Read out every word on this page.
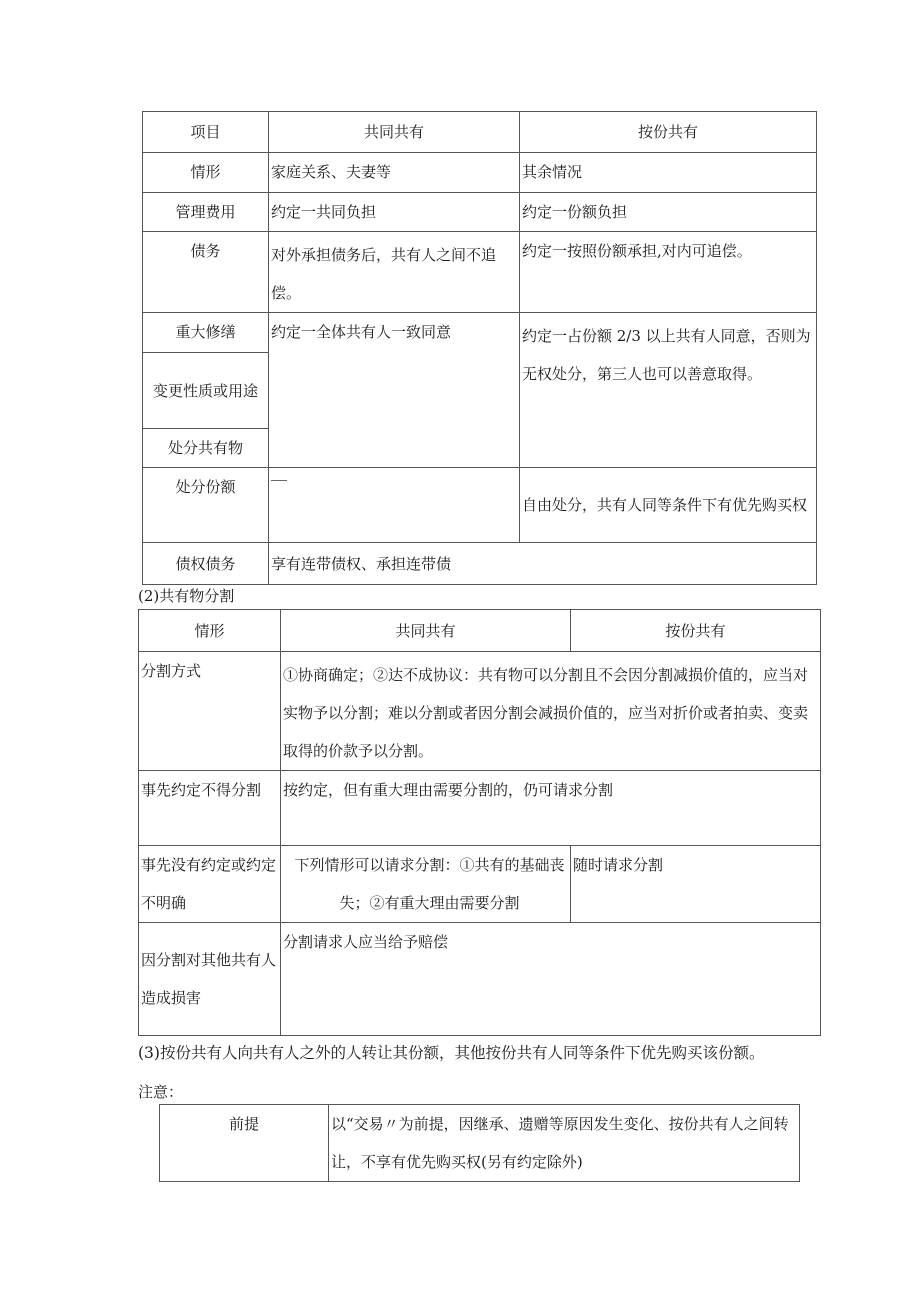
项目	共同共有	按份共有
情形	家庭关系、夫妻等	其余情况
管理费用	约定一共同负担	约定一份额负担
债务	对外承担债务后，共有人之间不追偿。	约定一按照份额承担,对内可追偿。
重大修缮	约定一全体共有人一致同意	约定一占份额 2/3 以上共有人同意，否则为无权处分，第三人也可以善意取得。
变更性质或用途		
处分共有物		
处分份额		自由处分，共有人同等条件下有优先购买权
债权债务	享有连带债权、承担连带债	
(2)共有物分割
情形	共同共有	按份共有
分割方式	①协商确定；②达不成协议：共有物可以分割且不会因分割减损价值的，应当对实物予以分割；难以分割或者因分割会减损价值的，应当对折价或者拍卖、变卖取得的价款予以分割。	
事先约定不得分割	按约定，但有重大理由需要分割的，仍可请求分割	
事先没有约定或约定不明确	下列情形可以请求分割：①共有的基础丧失；②有重大理由需要分割	随时请求分割
因分割对其他共有人造成损害	分割请求人应当给予赔偿	
(3)按份共有人向共有人之外的人转让其份额，其他按份共有人同等条件下优先购买该份额。
注意：
前提	以“交易〃为前提，因继承、遗赠等原因发生变化、按份共有人之间转让，不享有优先购买权(另有约定除外)
